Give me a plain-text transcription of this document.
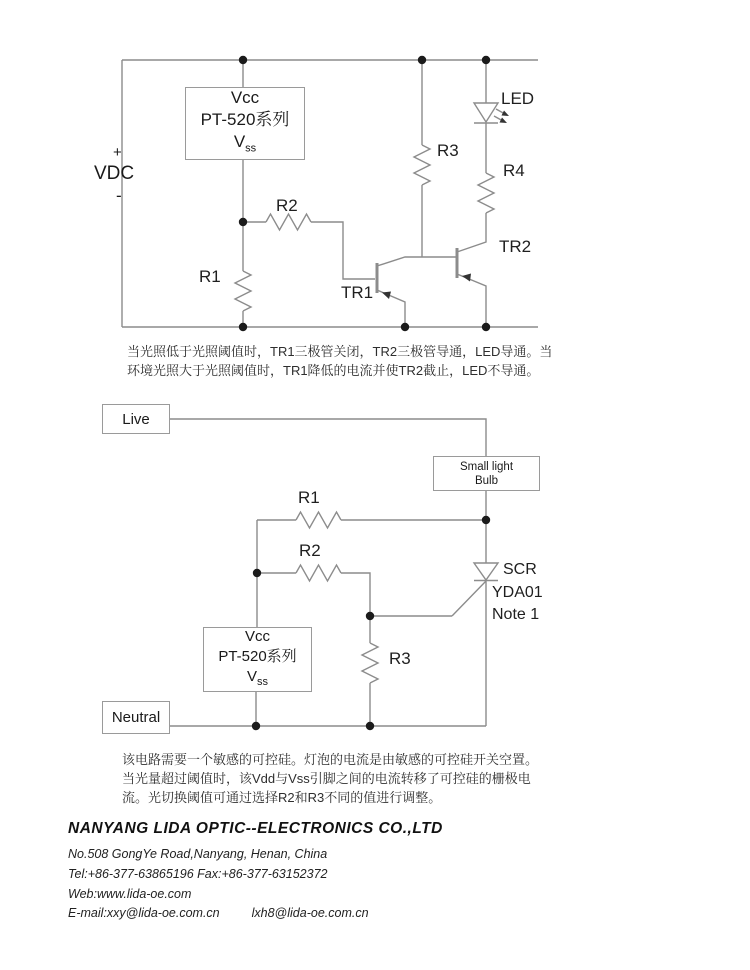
+
VDC
-
Vcc
PT-520系列
$V_{ss}$
R1
R2
R3
R4
LED
TR1
TR2
当光照低于光照阈值时，TR1三极管关闭，TR2三极管导通，LED导通。当
环境光照大于光照阈值时，TR1降低的电流并使TR2截止，LED不导通。
Live
Small light
Bulb
Vcc
PT-520系列
$V_{ss}$
Neutral
R1
R2
R3
SCR
YDA01
Note 1
该电路需要一个敏感的可控硅。灯泡的电流是由敏感的可控硅开关空置。
当光量超过阈值时，该Vdd与Vss引脚之间的电流转移了可控硅的栅极电
流。光切换阈值可通过选择R2和R3不同的值进行调整。
NANYANG LIDA OPTIC--ELECTRONICS CO.,LTD
No.508 GongYe Road,Nanyang, Henan, China
Tel:+86-377-63865196 Fax:+86-377-63152372
Web:www.lida-oe.com
E-mail:xxy@lida-oe.com.cn	lxh8@lida-oe.com.cn
